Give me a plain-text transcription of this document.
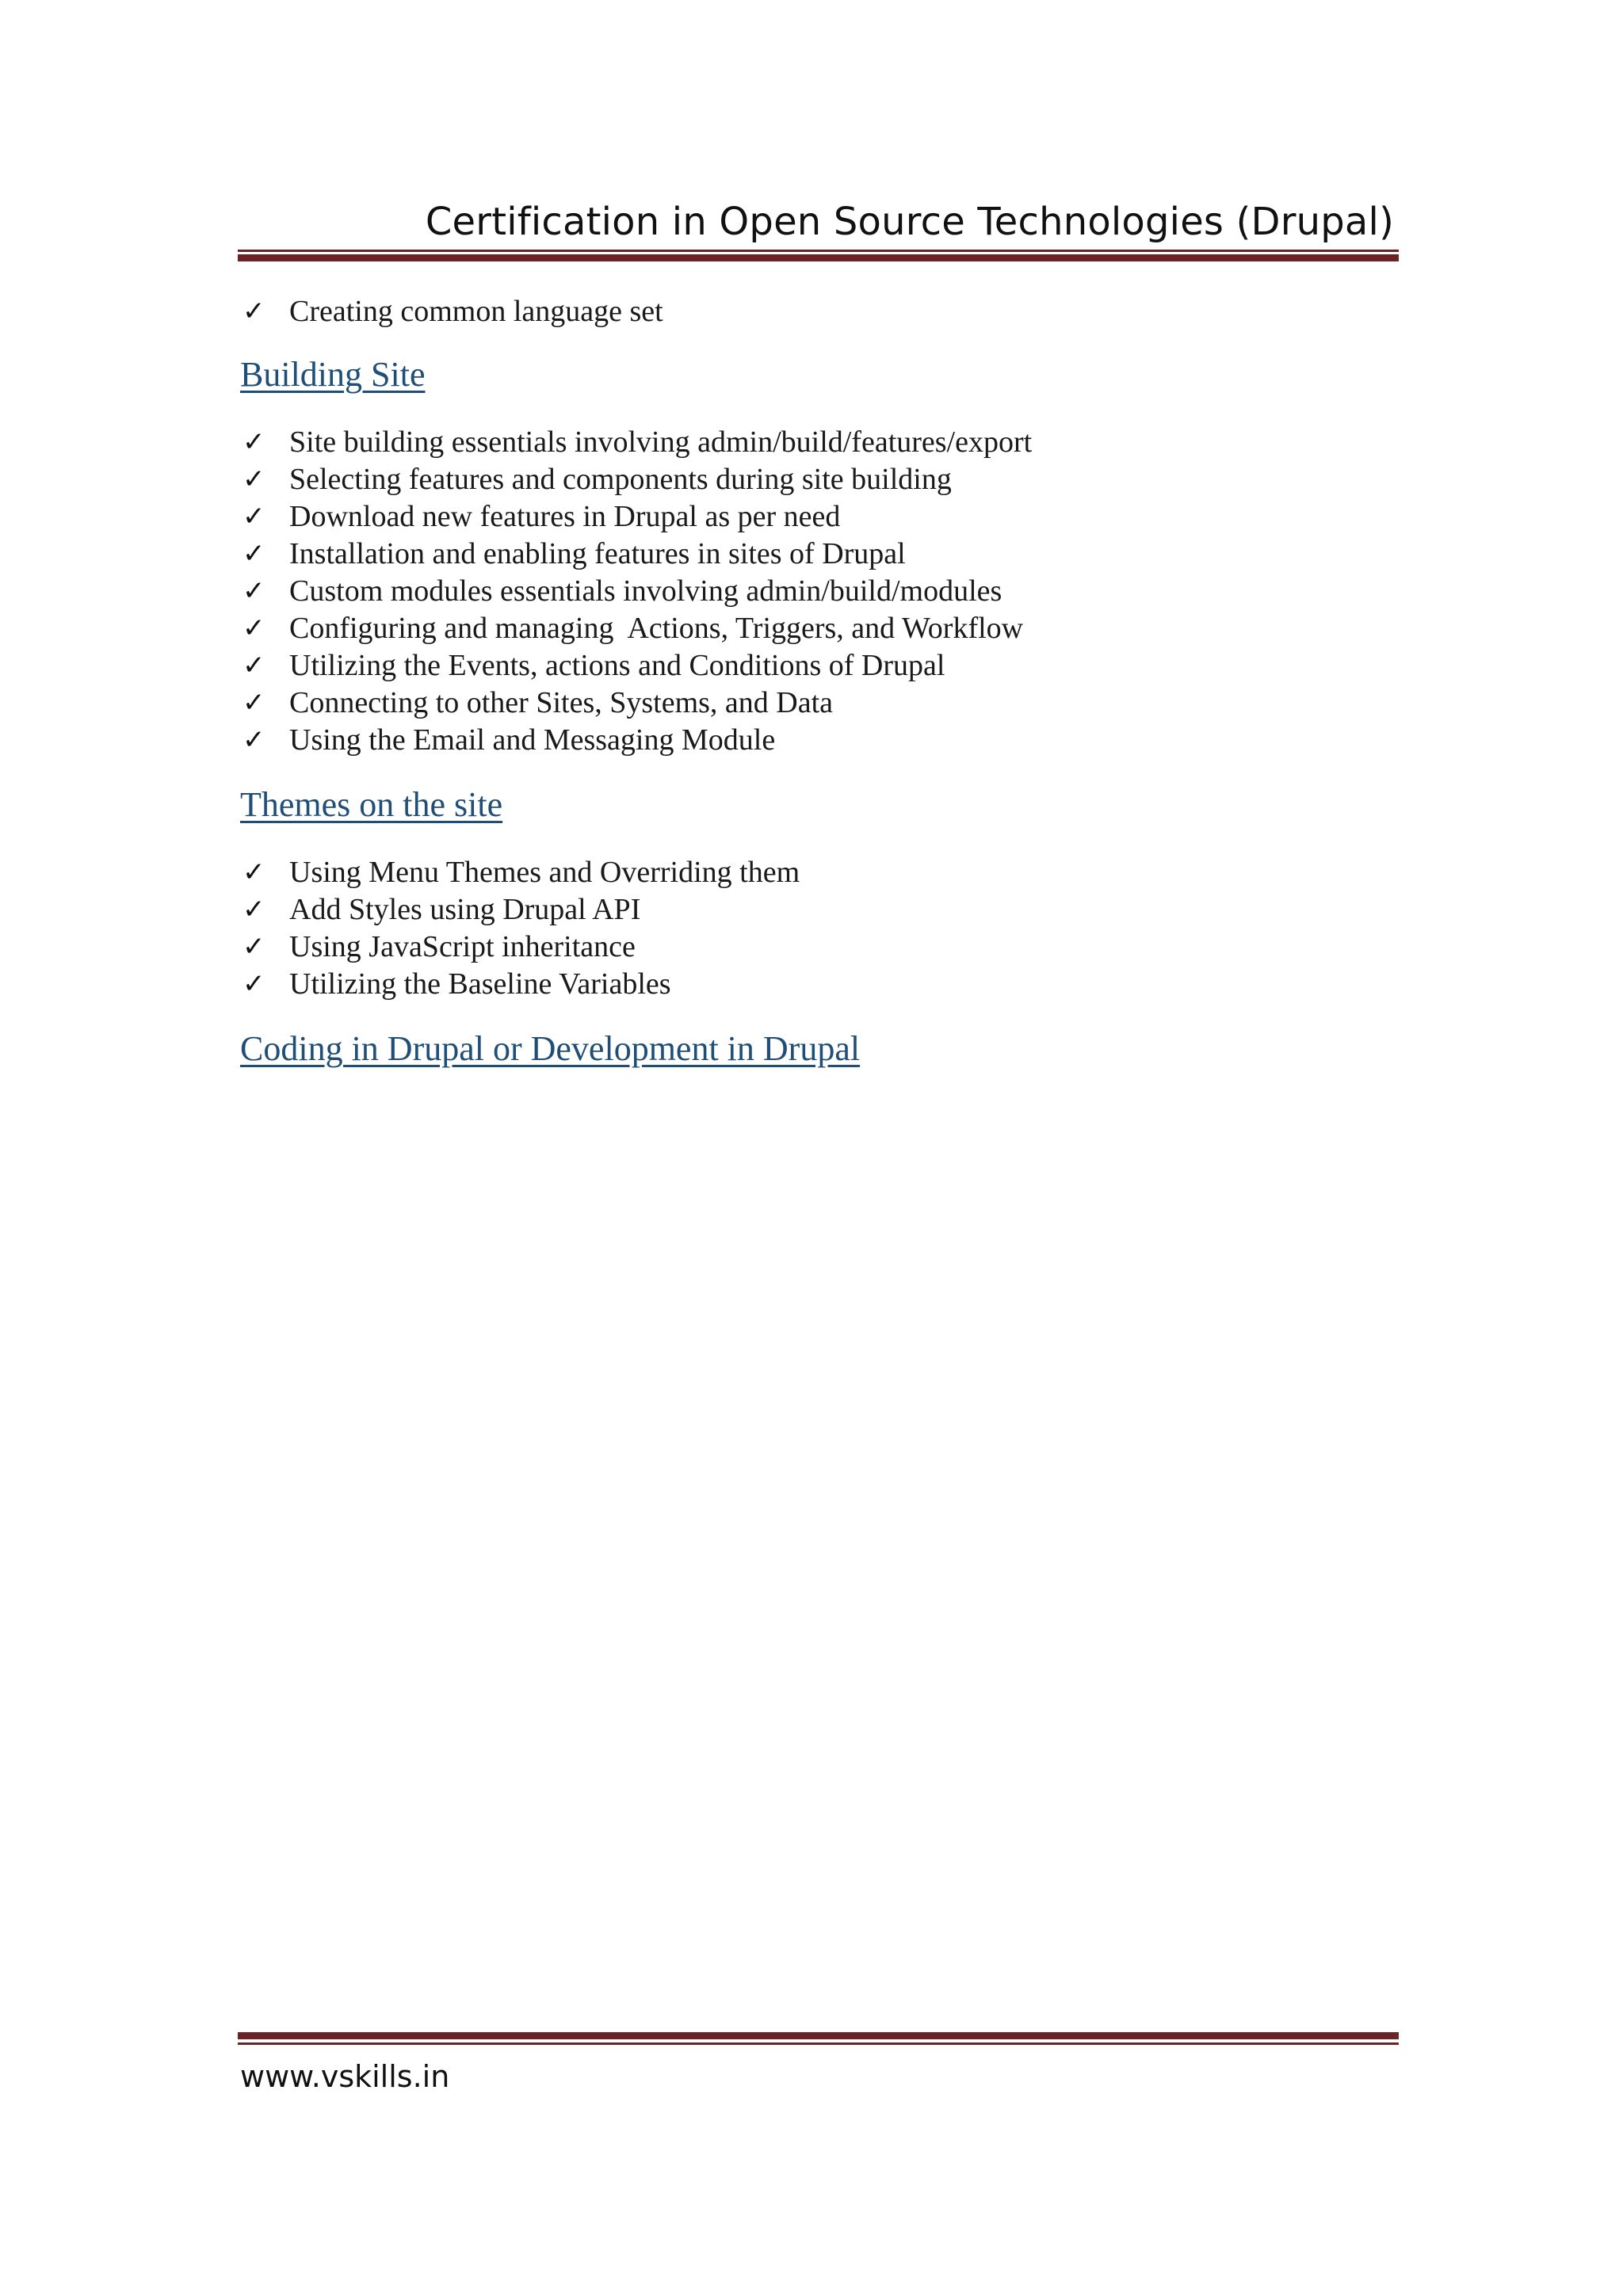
Certification in Open Source Technologies (Drupal)
✓ Creating common language set
Building Site
✓ Site building essentials involving admin/build/features/export
✓ Selecting features and components during site building
✓ Download new features in Drupal as per need
✓ Installation and enabling features in sites of Drupal
✓ Custom modules essentials involving admin/build/modules
✓ Configuring and managing  Actions, Triggers, and Workflow
✓ Utilizing the Events, actions and Conditions of Drupal
✓ Connecting to other Sites, Systems, and Data
✓ Using the Email and Messaging Module
Themes on the site
✓ Using Menu Themes and Overriding them
✓ Add Styles using Drupal API
✓ Using JavaScript inheritance
✓ Utilizing the Baseline Variables
Coding in Drupal or Development in Drupal
www.vskills.in
